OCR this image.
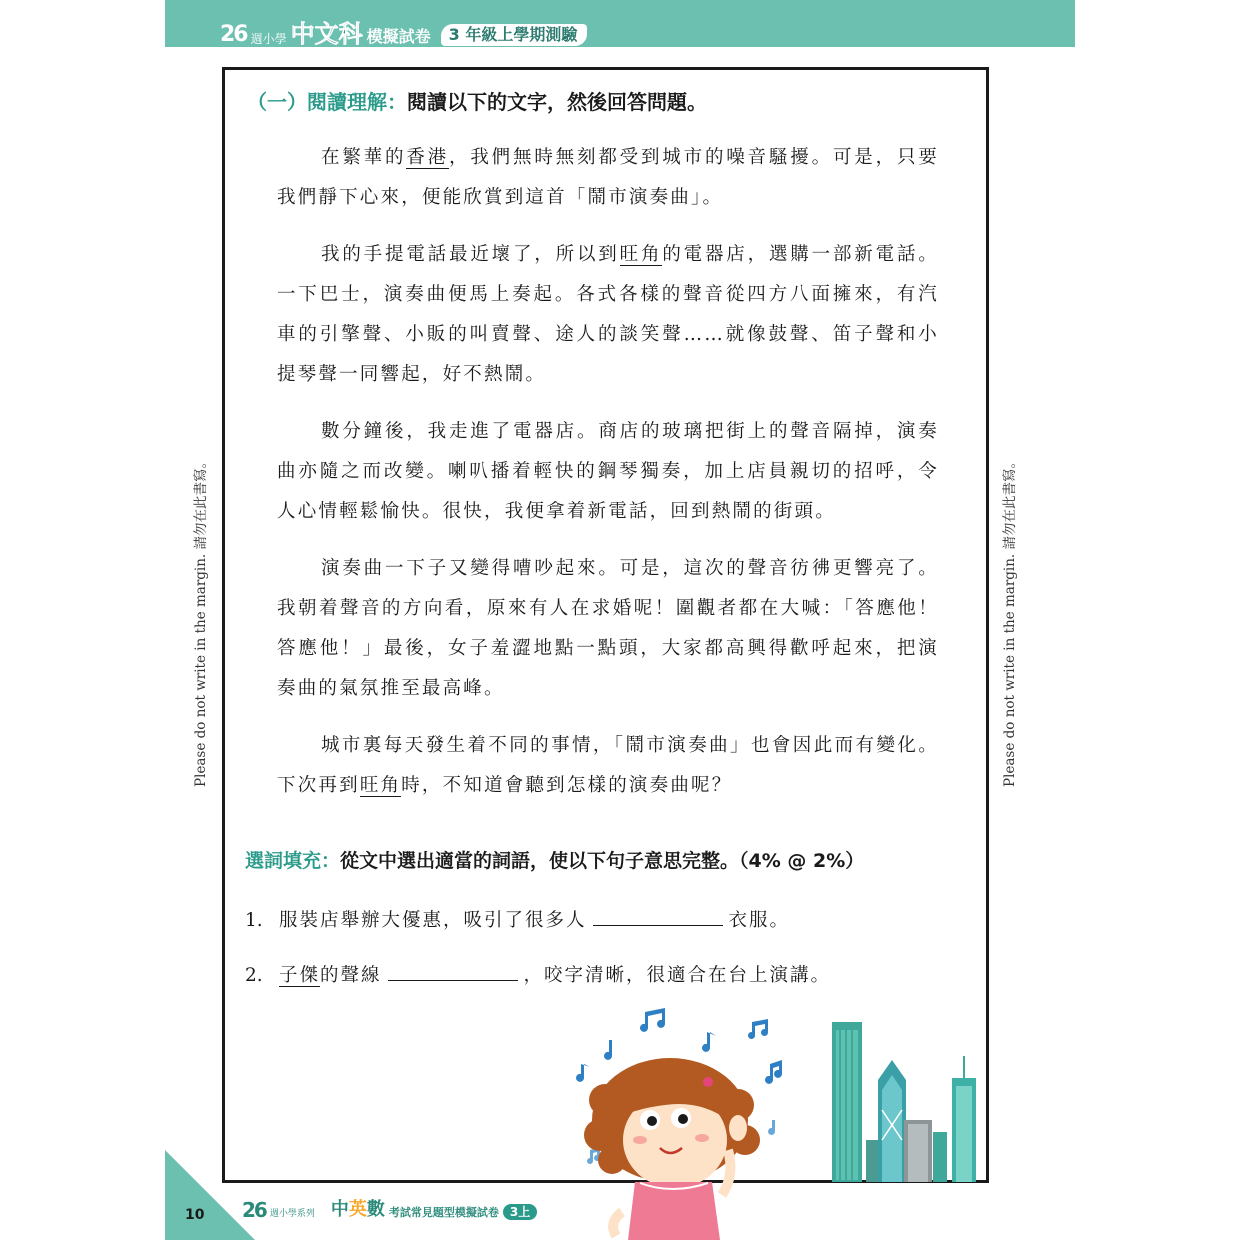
26 週小學 中文科 模擬試卷	3 年級上學期測驗
Please do not write in the margin. 請勿在此書寫。	Please do not write in the margin. 請勿在此書寫。
（一）閱讀理解：閱讀以下的文字，然後回答問題。

在繁華的香港，我們無時無刻都受到城市的噪音騷擾。可是，只要我們靜下心來，便能欣賞到這首「鬧市演奏曲」。

我的手提電話最近壞了，所以到旺角的電器店，選購一部新電話。一下巴士，演奏曲便馬上奏起。各式各樣的聲音從四方八面擁來，有汽車的引擎聲、小販的叫賣聲、途人的談笑聲……就像鼓聲、笛子聲和小提琴聲一同響起，好不熱鬧。

數分鐘後，我走進了電器店。商店的玻璃把街上的聲音隔掉，演奏曲亦隨之而改變。喇叭播着輕快的鋼琴獨奏，加上店員親切的招呼，令人心情輕鬆愉快。很快，我便拿着新電話，回到熱鬧的街頭。

演奏曲一下子又變得嘈吵起來。可是，這次的聲音彷彿更響亮了。我朝着聲音的方向看，原來有人在求婚呢！圍觀者都在大喊：「答應他！答應他！」最後，女子羞澀地點一點頭，大家都高興得歡呼起來，把演奏曲的氣氛推至最高峰。

城市裏每天發生着不同的事情，「鬧市演奏曲」也會因此而有變化。下次再到旺角時，不知道會聽到怎樣的演奏曲呢？

選詞填充：從文中選出適當的詞語，使以下句子意思完整。（4% @ 2%）
1. 服裝店舉辦大優惠，吸引了很多人	衣服。
2. 子傑的聲線	，咬字清晰，很適合在台上演講。
10 26 週小學系列 中英數 考試常見題型模擬試卷 3上
